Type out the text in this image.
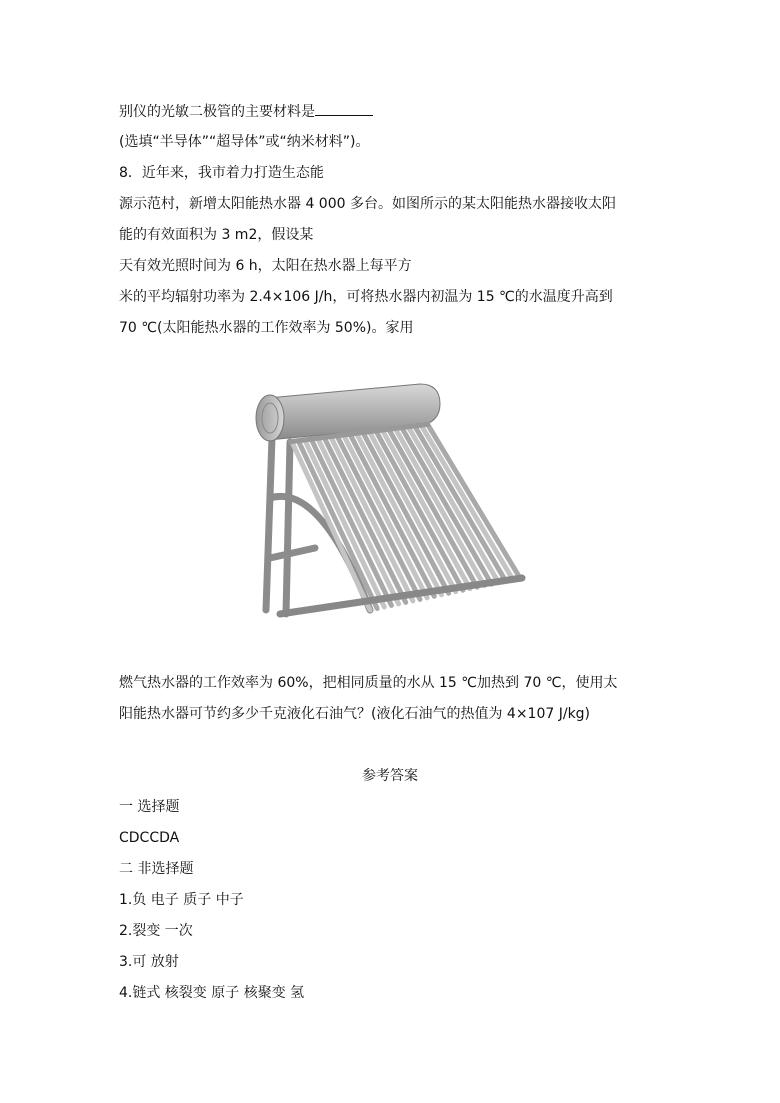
别仪的光敏二极管的主要材料是
(选填“半导体”“超导体”或“纳米材料”)。
8．近年来，我市着力打造生态能
源示范村，新增太阳能热水器 4 000 多台。如图所示的某太阳能热水器接收太阳
能的有效面积为 3 m2，假设某
天有效光照时间为 6 h，太阳在热水器上每平方
米的平均辐射功率为 2.4×106 J/h，可将热水器内初温为 15 ℃的水温度升高到
70 ℃(太阳能热水器的工作效率为 50%)。家用
燃气热水器的工作效率为 60%，把相同质量的水从 15 ℃加热到 70 ℃，使用太
阳能热水器可节约多少千克液化石油气？(液化石油气的热值为 4×107 J/kg)
参考答案
一 选择题
CDCCDA
二 非选择题
1.负 电子 质子 中子
2.裂变 一次
3.可 放射
4.链式 核裂变 原子 核聚变 氢
